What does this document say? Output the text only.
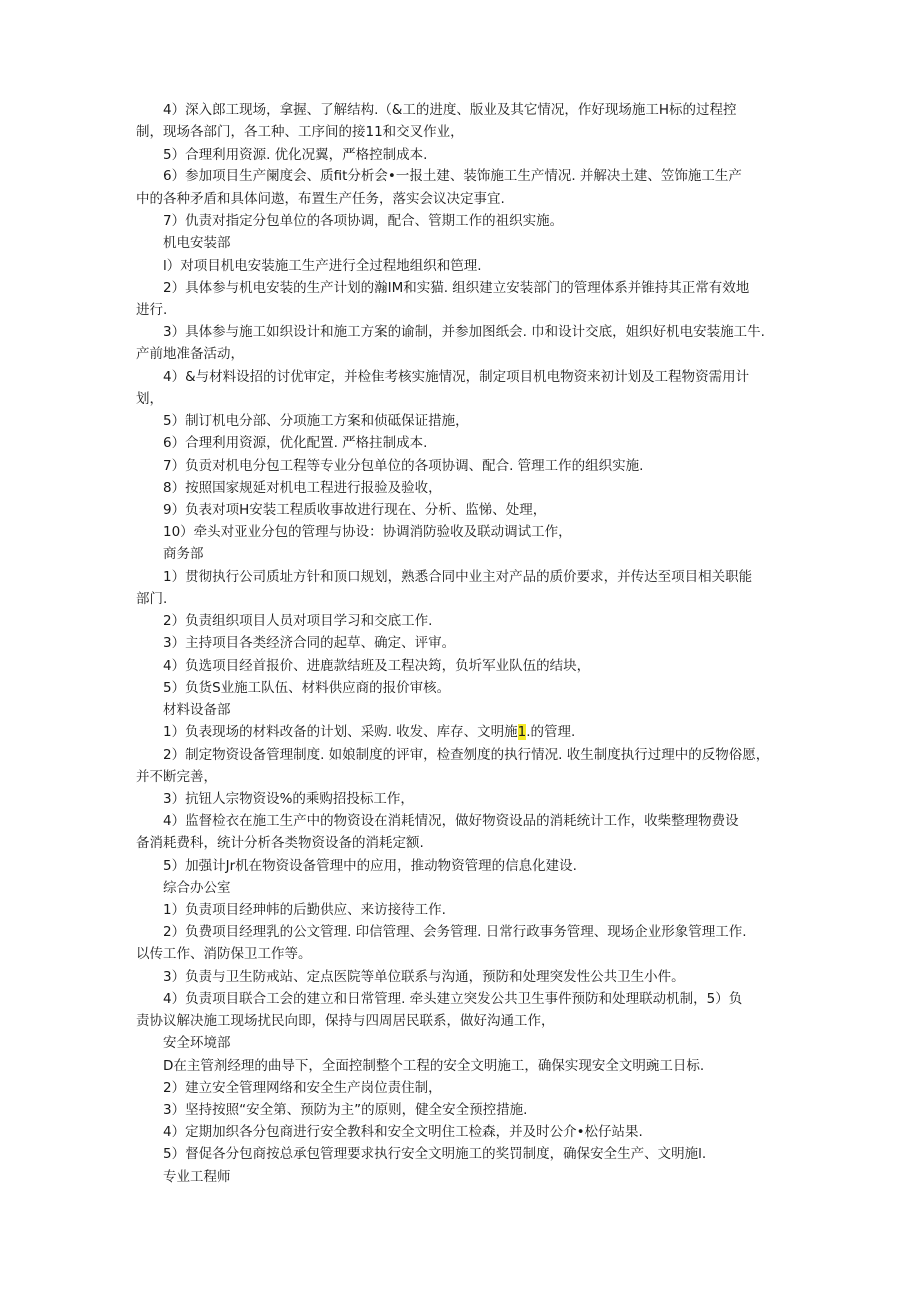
4）深入郎工现场，拿握、了解结构.（&工的进度、版业及其它情况，作好现场施工H标的过程控
制，现场各部门，各工种、工序间的接11和交叉作业，
5）合理利用资源. 优化况翼，严格控制成本.
6）参加项目生产阑度会、质fit分析会•一报土建、装饰施工生产情况. 并解决土建、笠饰施工生产
中的各种矛盾和具体问遨，布置生产任务，落实会议决定事宜.
7）仇责对指定分包单位的各项协调，配合、管期工作的祖织实施。
机电安装部
l）对项目机电安装施工生产进行全过程地组织和笆理.
2）具体参与机电安装的生产计划的瀚IM和实猫. 组织建立安装部门的管理体系并锥持其正常有效地
进行.
3）具体参与施工如织设计和施工方案的谕制，并参加图纸会. 巾和设计交底，姐织好机电安装施工牛.
产前地准备活动，
4）&与材料设招的讨优审定，并检隹考核实施情况，制定项目机电物资来初计划及工程物资需用计
划，
5）制订机电分部、分项施工方案和侦砥保证措施，
6）合理利用资源，优化配置. 严格拄制成本.
7）负贡对机电分包工程等专业分包单位的各项协调、配合. 管理工作的组织实施.
8）按照国家规延对机电工程进行报验及验收，
9）负表对项H安装工程质收事故进行现在、分析、监悌、处理，
10）牵头对亚业分包的管理与协设：协调消防验收及联动调试工作，
商务部
1）贯彻执行公司质址方针和顶口规划，熟悉合同中业主对产品的质价要求，并传达至项目相关职能
部门.
2）负责组织项目人员对项目学习和交底工作.
3）主持项目各类经济合同的起草、确定、评审。
4）负选项目经首报价、进鹿款结班及工程决筠，负圻军业队伍的结块，
5）负货S业施工队伍、材料供应商的报价审核。
材料设备部
1）负表现场的材料改备的计划、采购. 收发、库存、文明施1.的管理.
2）制定物资设备管理制度. 如娘制度的评审，检查刎度的执行情况. 收生制度执行过理中的反物俗愿，
并不断完善，
3）抗钮人宗物资设%的乘购招投标工作，
4）监督检衣在施工生产中的物资设在消耗情况，做好物资设品的消耗统计工作，收柴整理物费设
备消耗费科，统计分析各类物资设备的消耗定额.
5）加强计Jr机在物资设备管理中的应用，推动物资管理的信息化建设.
综合办公室
1）负责项目经珅帏的后勤供应、来访接待工作.
2）负费项目经理乳的公文管理. 印信管理、会务管理. 日常行政事务管理、现场企业形象管理工作.
以传工作、消防保卫工作等。
3）负责与卫生防戒站、定点医院等单位联系与沟通，预防和处理突发性公共卫生小件。
4）负责项目联合工会的建立和日常管理. 牵头建立突发公共卫生事件预防和处理联动机制，5）负
责协议解决施工现场扰民向即，保持与四周居民联系，做好沟通工作，
安全环境部
D在主管剂经理的曲导下，全面控制整个工程的安全文明施工，确保实现安全文明豌工日标.
2）建立安全管理网络和安全生产岗位责住制，
3）坚持按照“安全第、预防为主”的原则，健全安全预控措施.
4）定期加织各分包商进行安全教科和安全文明住工检森，并及时公介•松仔站果.
5）督促各分包商按总承包管理要求执行安全文明施工的奖罚制度，确保安全生产、文明施l.
专业工程师
